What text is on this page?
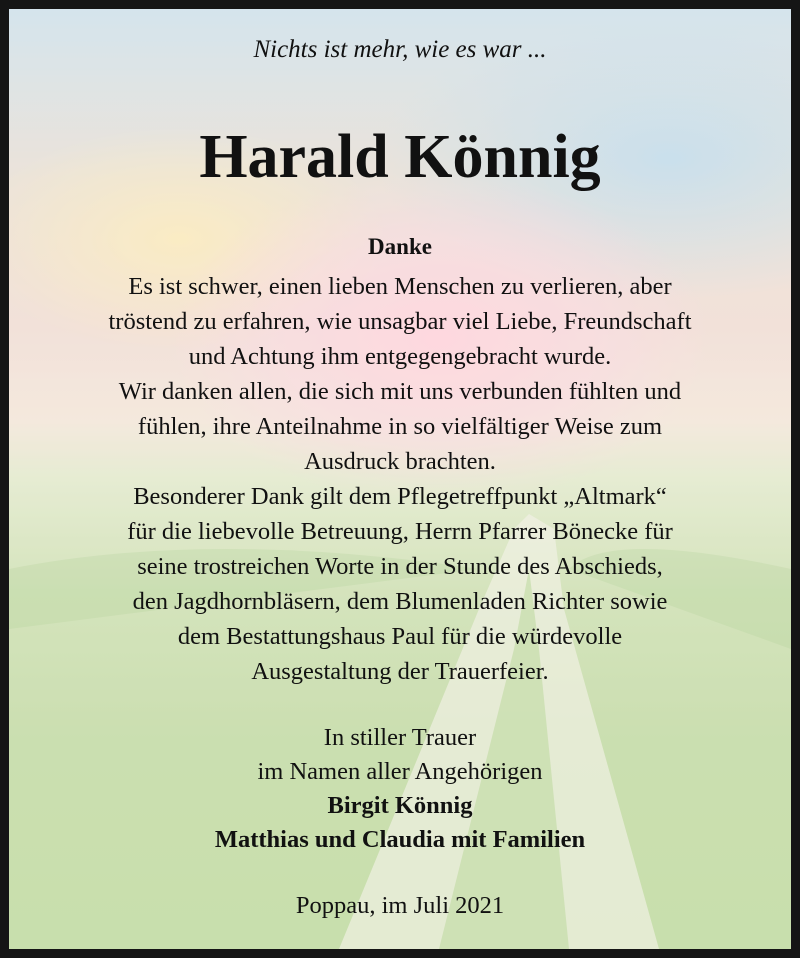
Nichts ist mehr, wie es war ...
Harald Könnig
Danke
Es ist schwer, einen lieben Menschen zu verlieren, aber
tröstend zu erfahren, wie unsagbar viel Liebe, Freundschaft
und Achtung ihm entgegengebracht wurde.
Wir danken allen, die sich mit uns verbunden fühlten und
fühlen, ihre Anteilnahme in so vielfältiger Weise zum
Ausdruck brachten.
Besonderer Dank gilt dem Pflegetreffpunkt „Altmark“
für die liebevolle Betreuung, Herrn Pfarrer Bönecke für
seine trostreichen Worte in der Stunde des Abschieds,
den Jagdhornbläsern, dem Blumenladen Richter sowie
dem Bestattungshaus Paul für die würdevolle
Ausgestaltung der Trauerfeier.
In stiller Trauer
im Namen aller Angehörigen
Birgit Könnig
Matthias und Claudia mit Familien
Poppau, im Juli 2021
